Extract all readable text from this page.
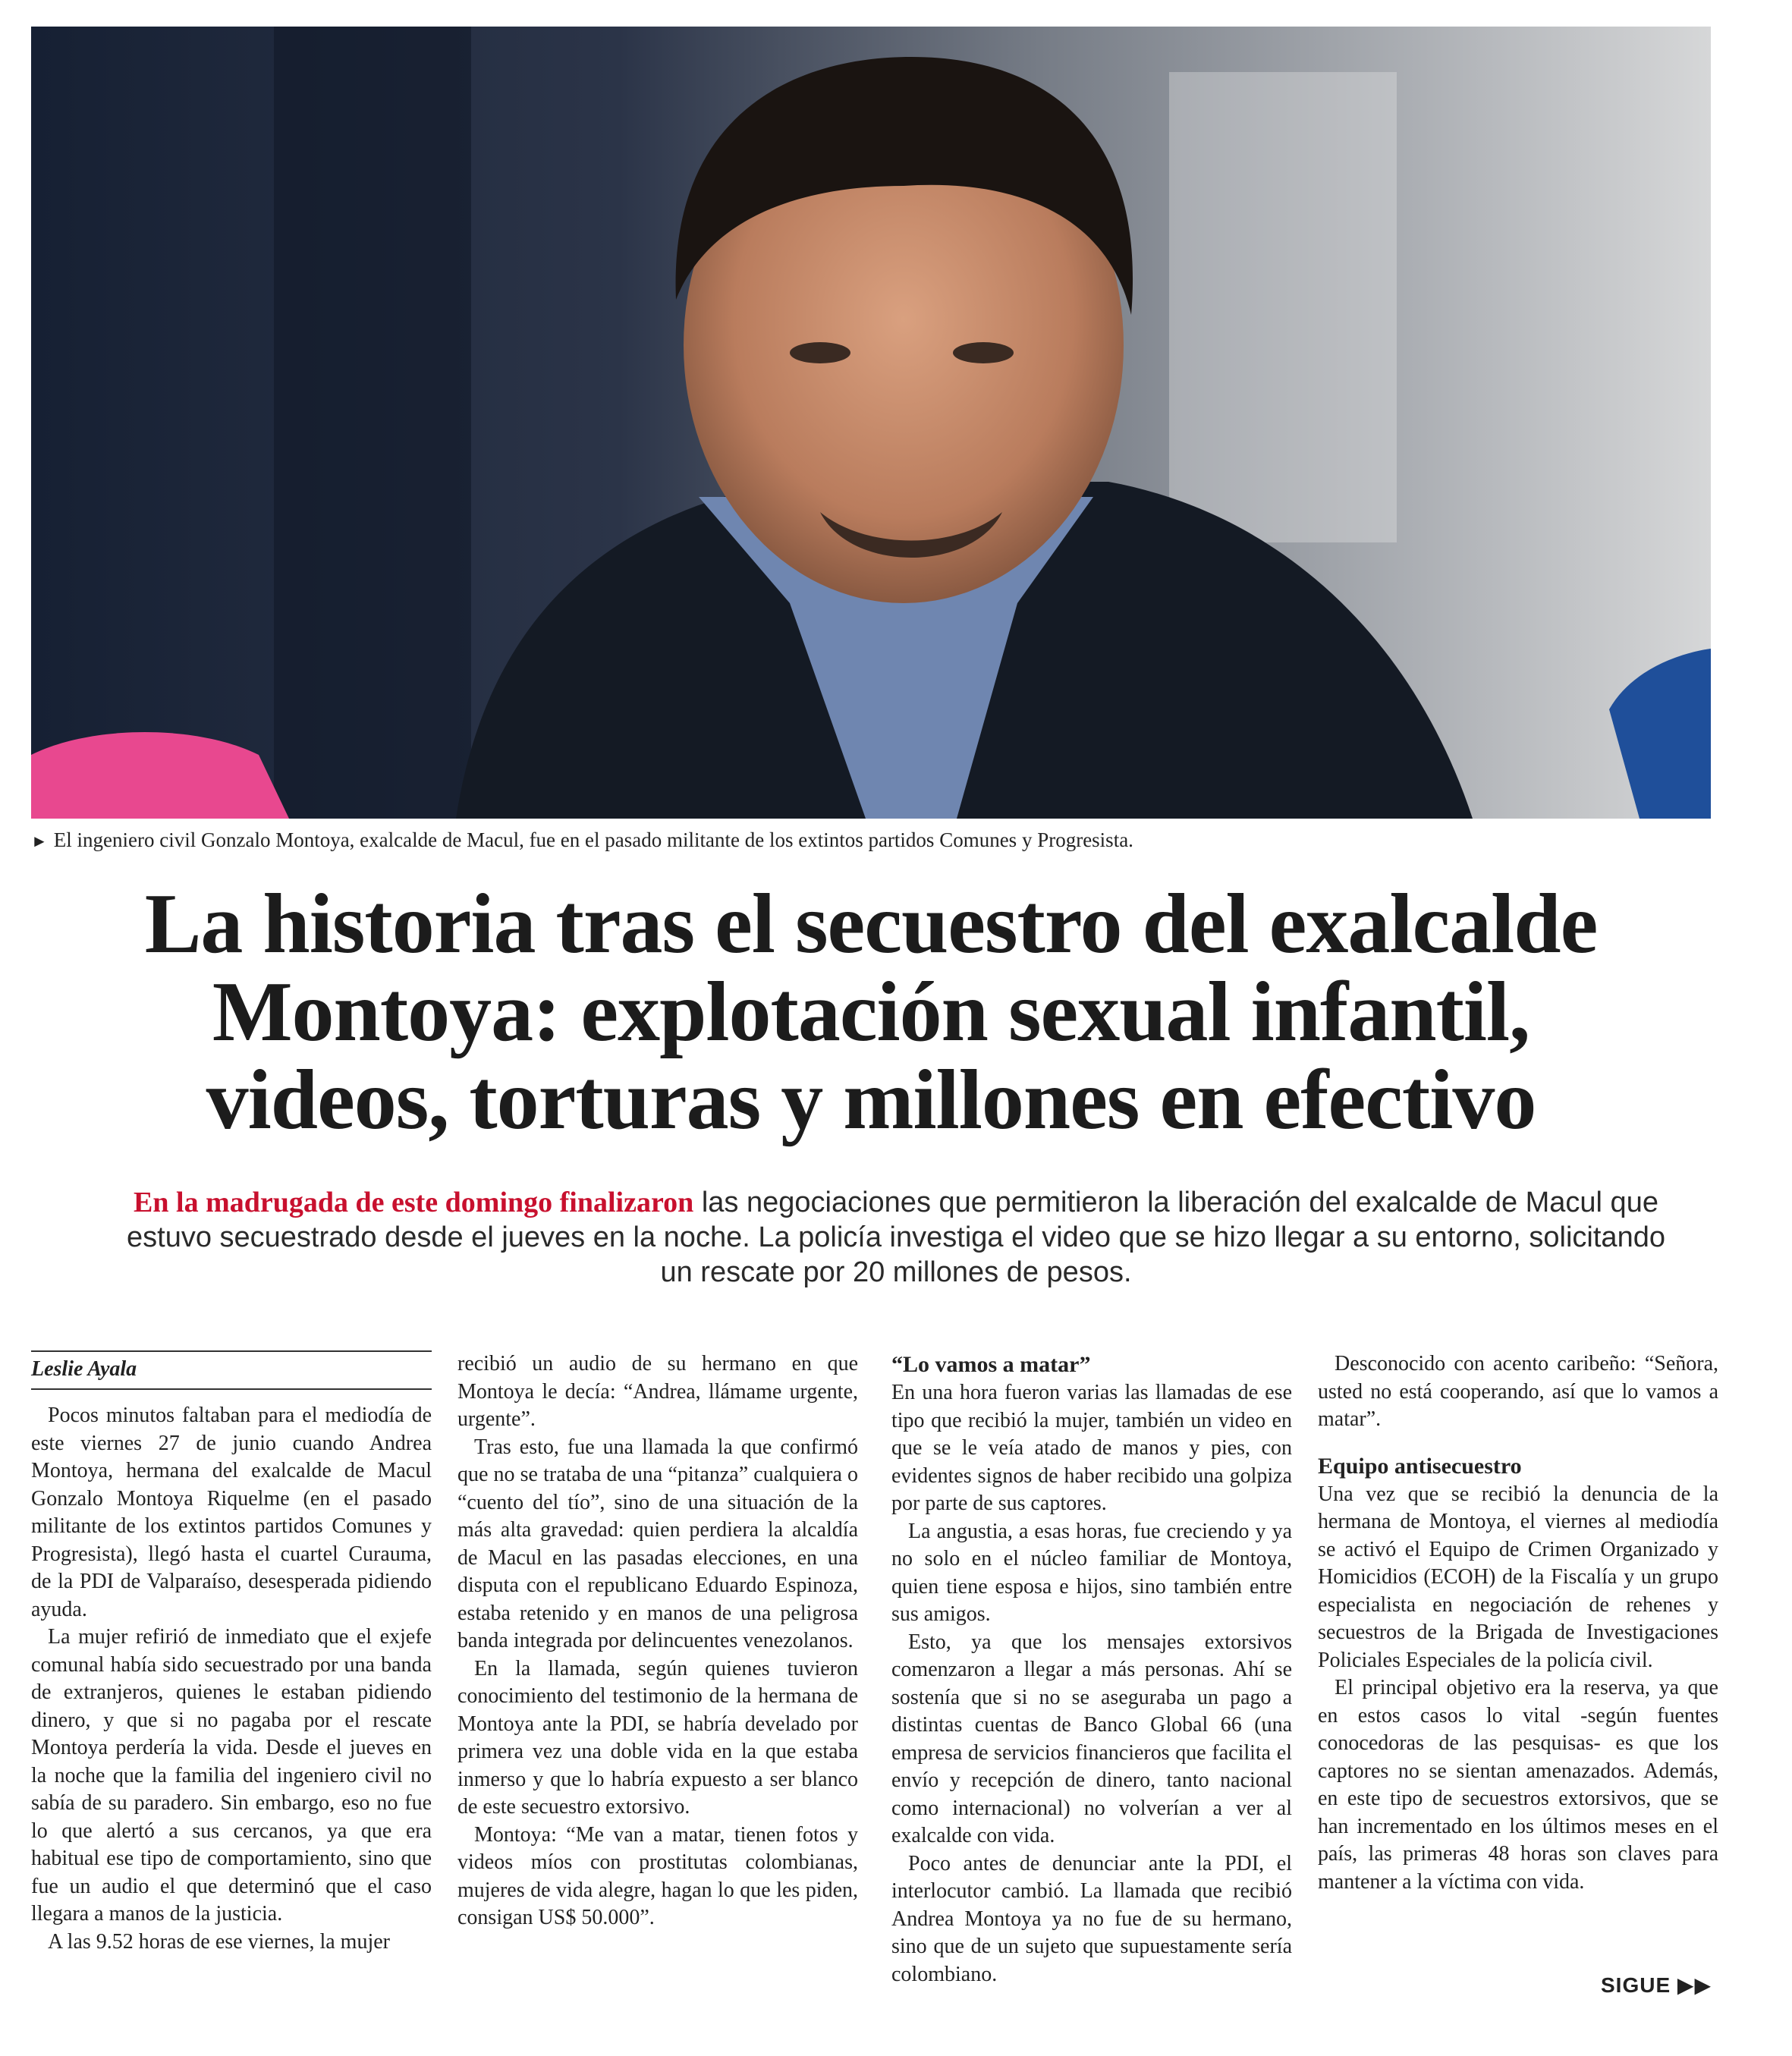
► El ingeniero civil Gonzalo Montoya, exalcalde de Macul, fue en el pasado militante de los extintos partidos Comunes y Progresista.
La historia tras el secuestro del exalcalde
Montoya: explotación sexual infantil,
videos, torturas y millones en efectivo

En la madrugada de este domingo finalizaron las negociaciones que permitieron la liberación del exalcalde de Macul que estuvo secuestrado desde el jueves en la noche. La policía investiga el video que se hizo llegar a su entorno, solicitando un rescate por 20 millones de pesos.

Leslie Ayala

Pocos minutos faltaban para el mediodía de este viernes 27 de junio cuando Andrea Montoya, hermana del exalcalde de Macul Gonzalo Montoya Riquelme (en el pasado militante de los extintos partidos Comunes y Progresista), llegó hasta el cuartel Curauma, de la PDI de Valparaíso, desesperada pidiendo ayuda.

La mujer refirió de inmediato que el exjefe comunal había sido secuestrado por una banda de extranjeros, quienes le estaban pidiendo dinero, y que si no pagaba por el rescate Montoya perdería la vida. Desde el jueves en la noche que la familia del ingeniero civil no sabía de su paradero. Sin embargo, eso no fue lo que alertó a sus cercanos, ya que era habitual ese tipo de comportamiento, sino que fue un audio el que determinó que el caso llegara a manos de la justicia.

A las 9.52 horas de ese viernes, la mujer

recibió un audio de su hermano en que Montoya le decía: “Andrea, llámame urgente, urgente”.

Tras esto, fue una llamada la que confirmó que no se trataba de una “pitanza” cualquiera o “cuento del tío”, sino de una situación de la más alta gravedad: quien perdiera la alcaldía de Macul en las pasadas elecciones, en una disputa con el republicano Eduardo Espinoza, estaba retenido y en manos de una peligrosa banda integrada por delincuentes venezolanos.

En la llamada, según quienes tuvieron conocimiento del testimonio de la hermana de Montoya ante la PDI, se habría develado por primera vez una doble vida en la que estaba inmerso y que lo habría expuesto a ser blanco de este secuestro extorsivo.

Montoya: “Me van a matar, tienen fotos y videos míos con prostitutas colombianas, mujeres de vida alegre, hagan lo que les piden, consigan US$ 50.000”.

“Lo vamos a matar”

En una hora fueron varias las llamadas de ese tipo que recibió la mujer, también un video en que se le veía atado de manos y pies, con evidentes signos de haber recibido una golpiza por parte de sus captores.

La angustia, a esas horas, fue creciendo y ya no solo en el núcleo familiar de Montoya, quien tiene esposa e hijos, sino también entre sus amigos.

Esto, ya que los mensajes extorsivos comenzaron a llegar a más personas. Ahí se sostenía que si no se aseguraba un pago a distintas cuentas de Banco Global 66 (una empresa de servicios financieros que facilita el envío y recepción de dinero, tanto nacional como internacional) no volverían a ver al exalcalde con vida.

Poco antes de denunciar ante la PDI, el interlocutor cambió. La llamada que recibió Andrea Montoya ya no fue de su hermano, sino que de un sujeto que supuestamente sería colombiano.

Desconocido con acento caribeño: “Señora, usted no está cooperando, así que lo vamos a matar”.

Equipo antisecuestro

Una vez que se recibió la denuncia de la hermana de Montoya, el viernes al mediodía se activó el Equipo de Crimen Organizado y Homicidios (ECOH) de la Fiscalía y un grupo especialista en negociación de rehenes y secuestros de la Brigada de Investigaciones Policiales Especiales de la policía civil.

El principal objetivo era la reserva, ya que en estos casos lo vital -según fuentes conocedoras de las pesquisas- es que los captores no se sientan amenazados. Además, en este tipo de secuestros extorsivos, que se han incrementado en los últimos meses en el país, las primeras 48 horas son claves para mantener a la víctima con vida.

SIGUE ▶▶
